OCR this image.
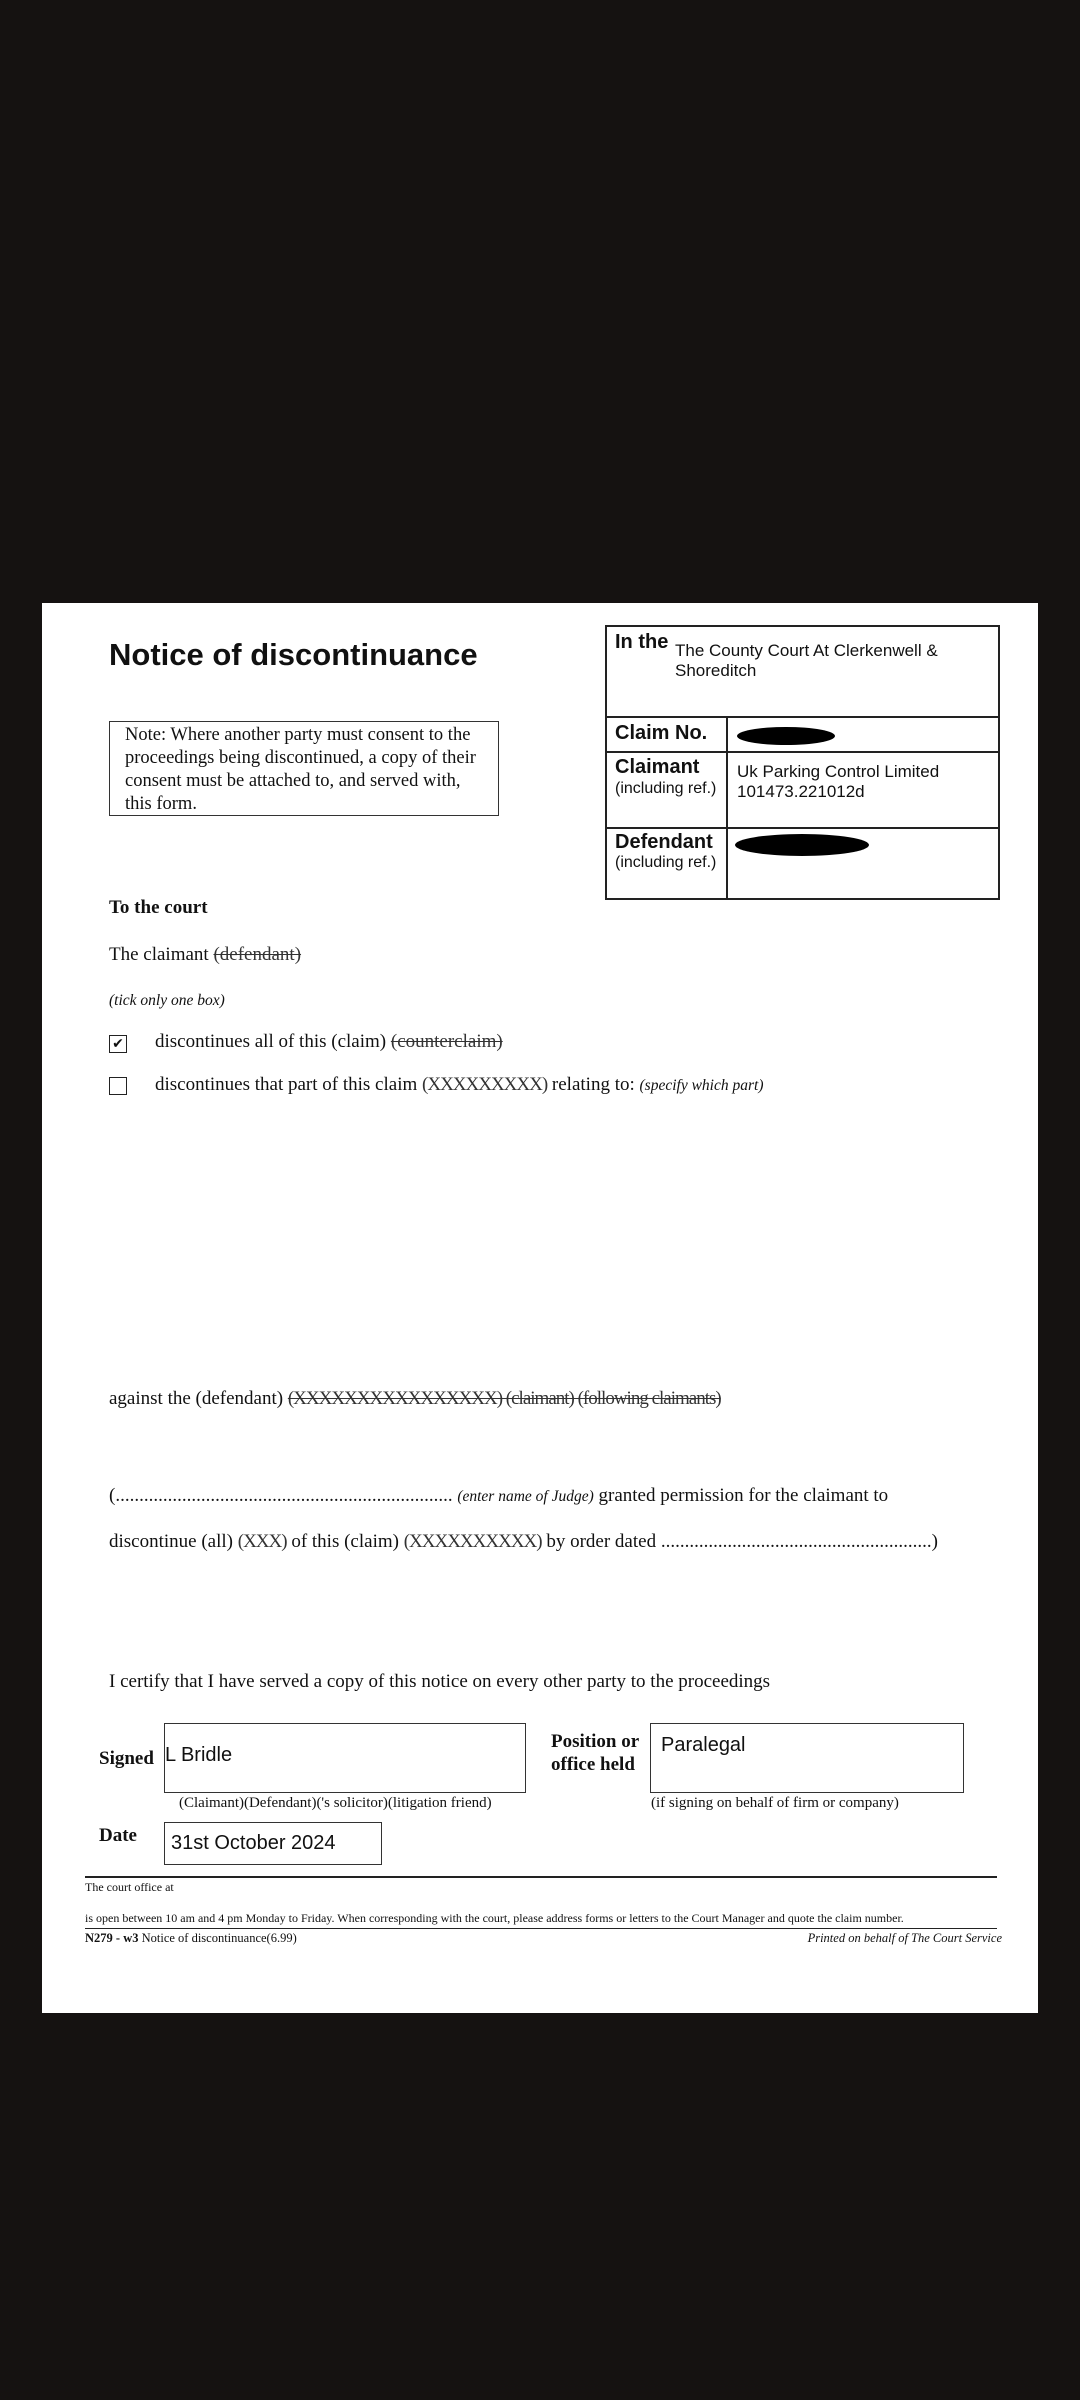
Notice of discontinuance
Note: Where another party must consent to the proceedings being discontinued, a copy of their consent must be attached to, and served with, this form.
In the The County Court At Clerkenwell & Shoreditch
Claim No.
Claimant
(including ref.)
Uk Parking Control Limited
101473.221012d
Defendant
(including ref.)
To the court
The claimant (defendant)
(tick only one box)
✔ discontinues all of this (claim) (counterclaim)
discontinues that part of this claim (XXXXXXXXX) relating to: (specify which part)
against the (defendant) (XXXXXXXXXXXXXXXX) (claimant) (following claimants)
(....................................................................... (enter name of Judge) granted permission for the claimant to
discontinue (all) (XXX) of this (claim) (XXXXXXXXXX) by order dated .........................................................)
I certify that I have served a copy of this notice on every other party to the proceedings
Signed L Bridle
(Claimant)(Defendant)('s solicitor)(litigation friend)
Position or
office held
Paralegal
(if signing on behalf of firm or company)
Date	31st October 2024
The court office at
is open between 10 am and 4 pm Monday to Friday. When corresponding with the court, please address forms or letters to the Court Manager and quote the claim number.
N279 - w3 Notice of discontinuance(6.99)	Printed on behalf of The Court Service
